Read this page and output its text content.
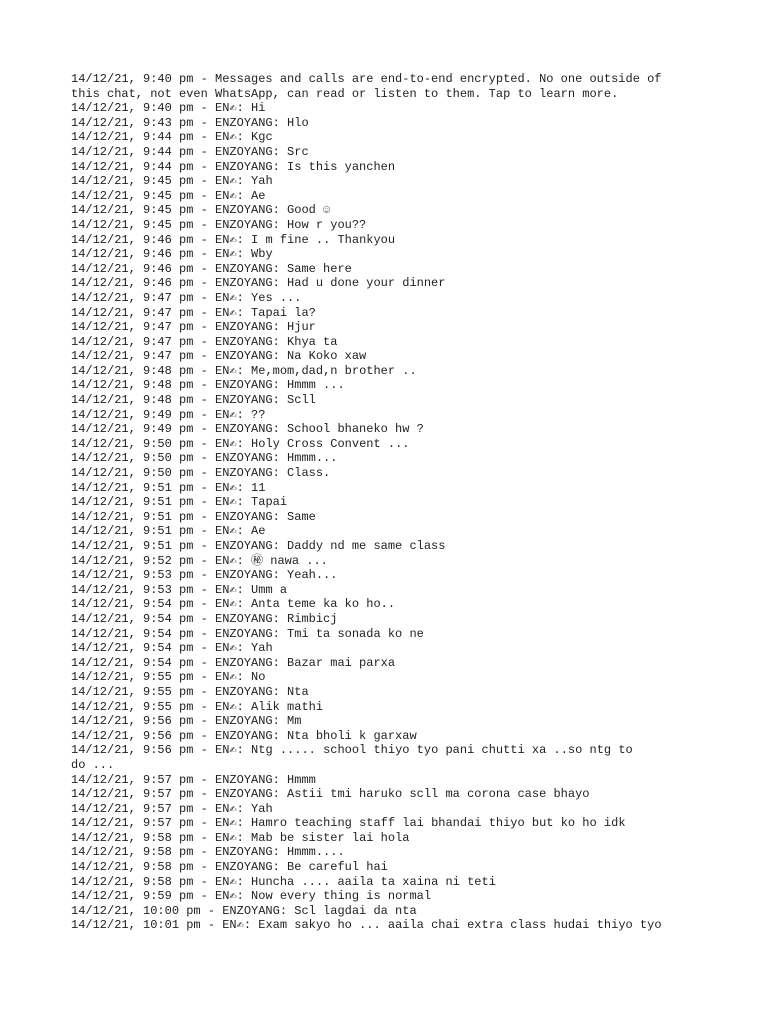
14/12/21, 9:40 pm - Messages and calls are end-to-end encrypted. No one outside of
this chat, not even WhatsApp, can read or listen to them. Tap to learn more.
14/12/21, 9:40 pm - EN✍: Hi
14/12/21, 9:43 pm - ENZOYANG: Hlo
14/12/21, 9:44 pm - EN✍: Kgc
14/12/21, 9:44 pm - ENZOYANG: Src
14/12/21, 9:44 pm - ENZOYANG: Is this yanchen
14/12/21, 9:45 pm - EN✍: Yah
14/12/21, 9:45 pm - EN✍: Ae
14/12/21, 9:45 pm - ENZOYANG: Good ☺
14/12/21, 9:45 pm - ENZOYANG: How r you??
14/12/21, 9:46 pm - EN✍: I m fine .. Thankyou
14/12/21, 9:46 pm - EN✍: Wby
14/12/21, 9:46 pm - ENZOYANG: Same here
14/12/21, 9:46 pm - ENZOYANG: Had u done your dinner
14/12/21, 9:47 pm - EN✍: Yes ...
14/12/21, 9:47 pm - EN✍: Tapai la?
14/12/21, 9:47 pm - ENZOYANG: Hjur
14/12/21, 9:47 pm - ENZOYANG: Khya ta
14/12/21, 9:47 pm - ENZOYANG: Na Koko xaw
14/12/21, 9:48 pm - EN✍: Me,mom,dad,n brother ..
14/12/21, 9:48 pm - ENZOYANG: Hmmm ...
14/12/21, 9:48 pm - ENZOYANG: Scll
14/12/21, 9:49 pm - EN✍: ??
14/12/21, 9:49 pm - ENZOYANG: School bhaneko hw ?
14/12/21, 9:50 pm - EN✍: Holy Cross Convent ...
14/12/21, 9:50 pm - ENZOYANG: Hmmm...
14/12/21, 9:50 pm - ENZOYANG: Class.
14/12/21, 9:51 pm - EN✍: 11
14/12/21, 9:51 pm - EN✍: Tapai
14/12/21, 9:51 pm - ENZOYANG: Same
14/12/21, 9:51 pm - EN✍: Ae
14/12/21, 9:51 pm - ENZOYANG: Daddy nd me same class
14/12/21, 9:52 pm - EN✍: ㊙ nawa ...
14/12/21, 9:53 pm - ENZOYANG: Yeah...
14/12/21, 9:53 pm - EN✍: Umm a
14/12/21, 9:54 pm - EN✍: Anta teme ka ko ho..
14/12/21, 9:54 pm - ENZOYANG: Rimbicj
14/12/21, 9:54 pm - ENZOYANG: Tmi ta sonada ko ne
14/12/21, 9:54 pm - EN✍: Yah
14/12/21, 9:54 pm - ENZOYANG: Bazar mai parxa
14/12/21, 9:55 pm - EN✍: No
14/12/21, 9:55 pm - ENZOYANG: Nta
14/12/21, 9:55 pm - EN✍: Alik mathi
14/12/21, 9:56 pm - ENZOYANG: Mm
14/12/21, 9:56 pm - ENZOYANG: Nta bholi k garxaw
14/12/21, 9:56 pm - EN✍: Ntg ..... school thiyo tyo pani chutti xa ..so ntg to
do ...
14/12/21, 9:57 pm - ENZOYANG: Hmmm
14/12/21, 9:57 pm - ENZOYANG: Astii tmi haruko scll ma corona case bhayo
14/12/21, 9:57 pm - EN✍: Yah
14/12/21, 9:57 pm - EN✍: Hamro teaching staff lai bhandai thiyo but ko ho idk
14/12/21, 9:58 pm - EN✍: Mab be sister lai hola
14/12/21, 9:58 pm - ENZOYANG: Hmmm....
14/12/21, 9:58 pm - ENZOYANG: Be careful hai
14/12/21, 9:58 pm - EN✍: Huncha .... aaila ta xaina ni teti
14/12/21, 9:59 pm - EN✍: Now every thing is normal
14/12/21, 10:00 pm - ENZOYANG: Scl lagdai da nta
14/12/21, 10:01 pm - EN✍: Exam sakyo ho ... aaila chai extra class hudai thiyo tyo
